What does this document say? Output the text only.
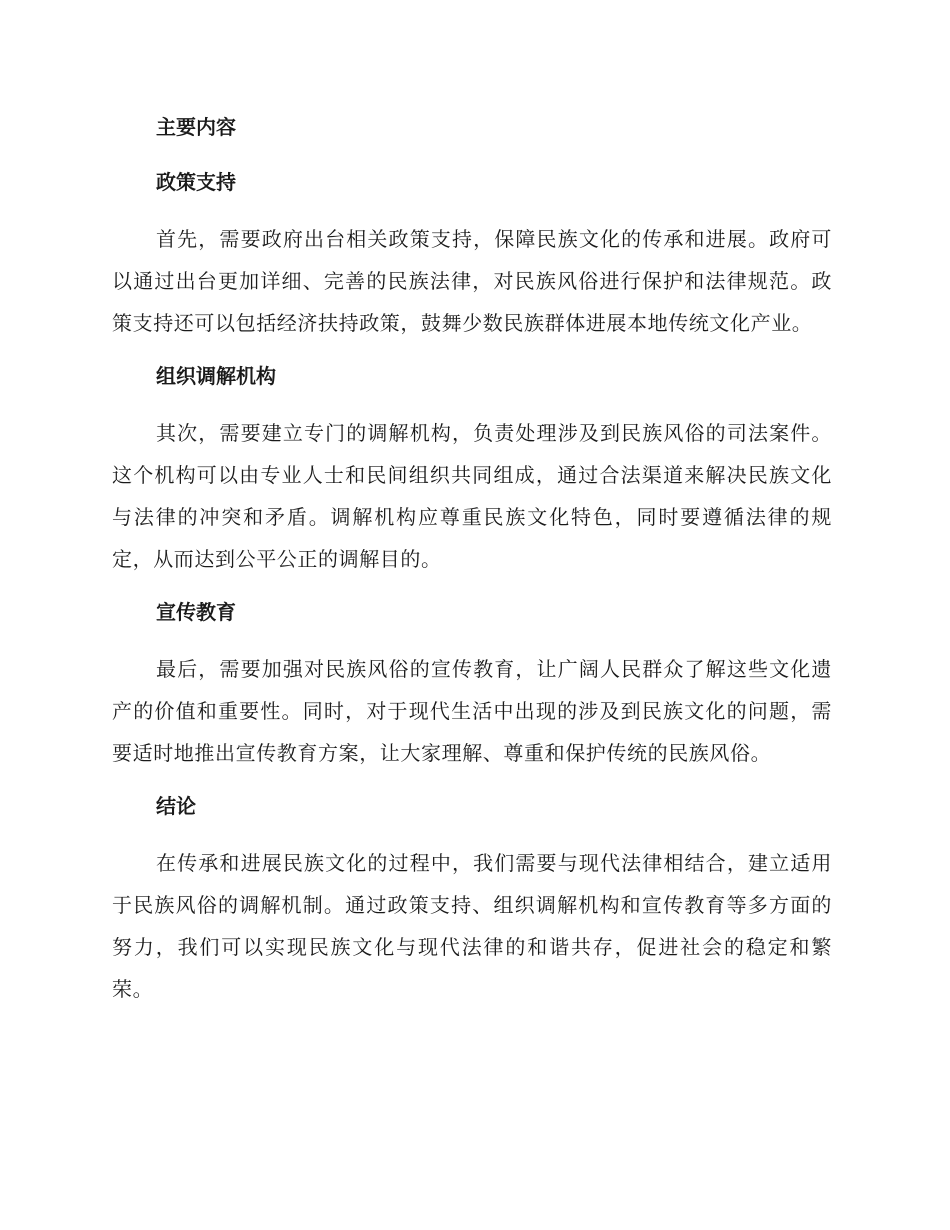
主要内容
政策支持

首先，需要政府出台相关政策支持，保障民族文化的传承和进展。政府可以通过出台更加详细、完善的民族法律，对民族风俗进行保护和法律规范。政策支持还可以包括经济扶持政策，鼓舞少数民族群体进展本地传统文化产业。

组织调解机构

其次，需要建立专门的调解机构，负责处理涉及到民族风俗的司法案件。这个机构可以由专业人士和民间组织共同组成，通过合法渠道来解决民族文化与法律的冲突和矛盾。调解机构应尊重民族文化特色，同时要遵循法律的规定，从而达到公平公正的调解目的。

宣传教育

最后，需要加强对民族风俗的宣传教育，让广阔人民群众了解这些文化遗产的价值和重要性。同时，对于现代生活中出现的涉及到民族文化的问题，需要适时地推出宣传教育方案，让大家理解、尊重和保护传统的民族风俗。

结论

在传承和进展民族文化的过程中，我们需要与现代法律相结合，建立适用于民族风俗的调解机制。通过政策支持、组织调解机构和宣传教育等多方面的努力，我们可以实现民族文化与现代法律的和谐共存，促进社会的稳定和繁荣。
